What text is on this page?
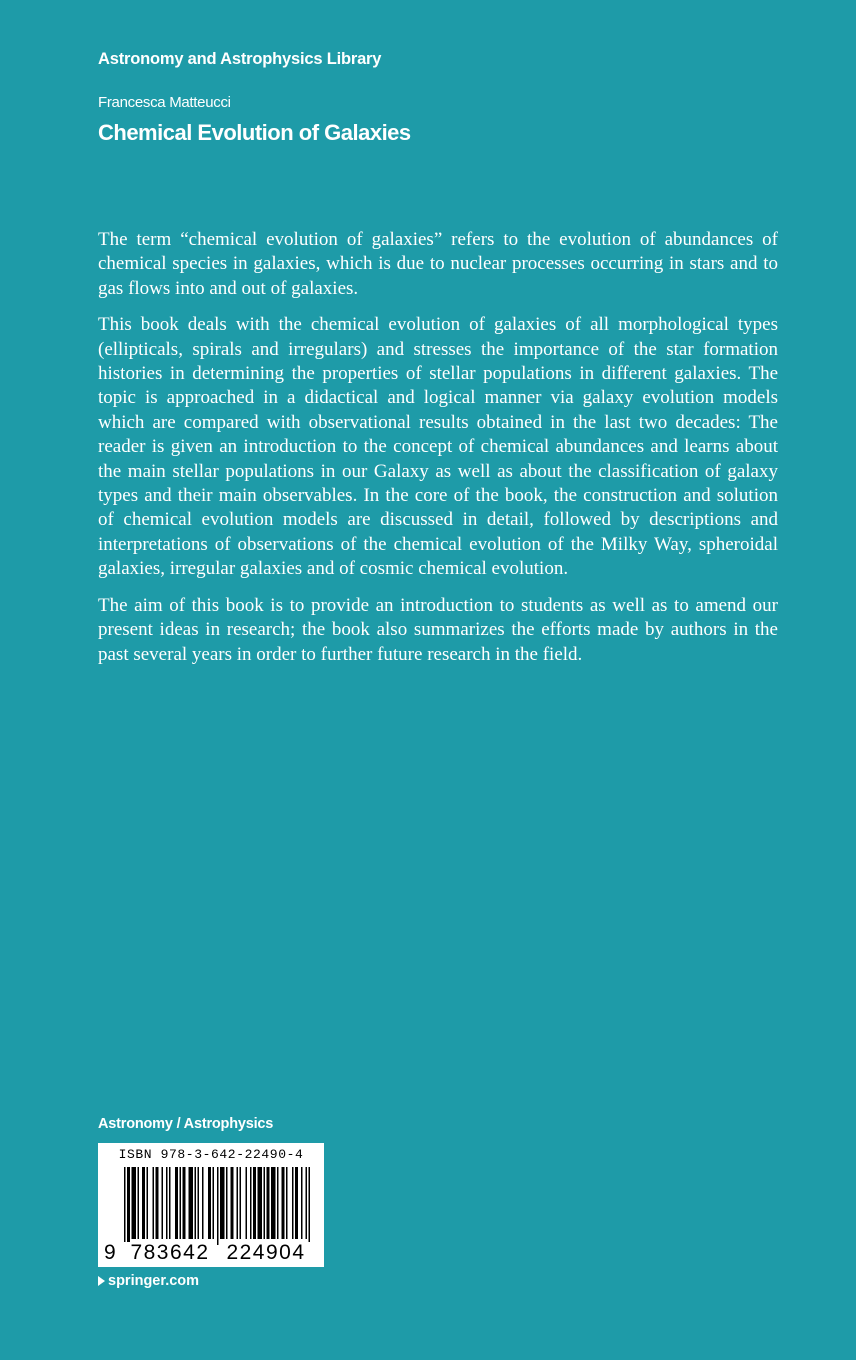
Astronomy and Astrophysics Library
Francesca Matteucci
Chemical Evolution of Galaxies

The term “chemical evolution of galaxies” refers to the evolution of abundances of chemical species in galaxies, which is due to nuclear processes occurring in stars and to gas flows into and out of galaxies.

This book deals with the chemical evolution of galaxies of all morphological types (ellipticals, spirals and irregulars) and stresses the importance of the star formation histories in determining the properties of stellar populations in different galaxies. The topic is approached in a didactical and logical manner via galaxy evolution models which are compared with observational results obtained in the last two decades: The reader is given an introduction to the concept of chemical abundances and learns about the main stellar populations in our Galaxy as well as about the classification of galaxy types and their main observables. In the core of the book, the construction and solution of chemical evolution models are discussed in detail, followed by descriptions and interpretations of observations of the chemical evolution of the Milky Way, spheroidal galaxies, irregular galaxies and of cosmic chemical evolution.

The aim of this book is to provide an introduction to students as well as to amend our present ideas in research; the book also summarizes the efforts made by authors in the past several years in order to further future research in the field.

Astronomy / Astrophysics
ISBN 978-3-642-22490-4
9 783642 224904
springer.com
